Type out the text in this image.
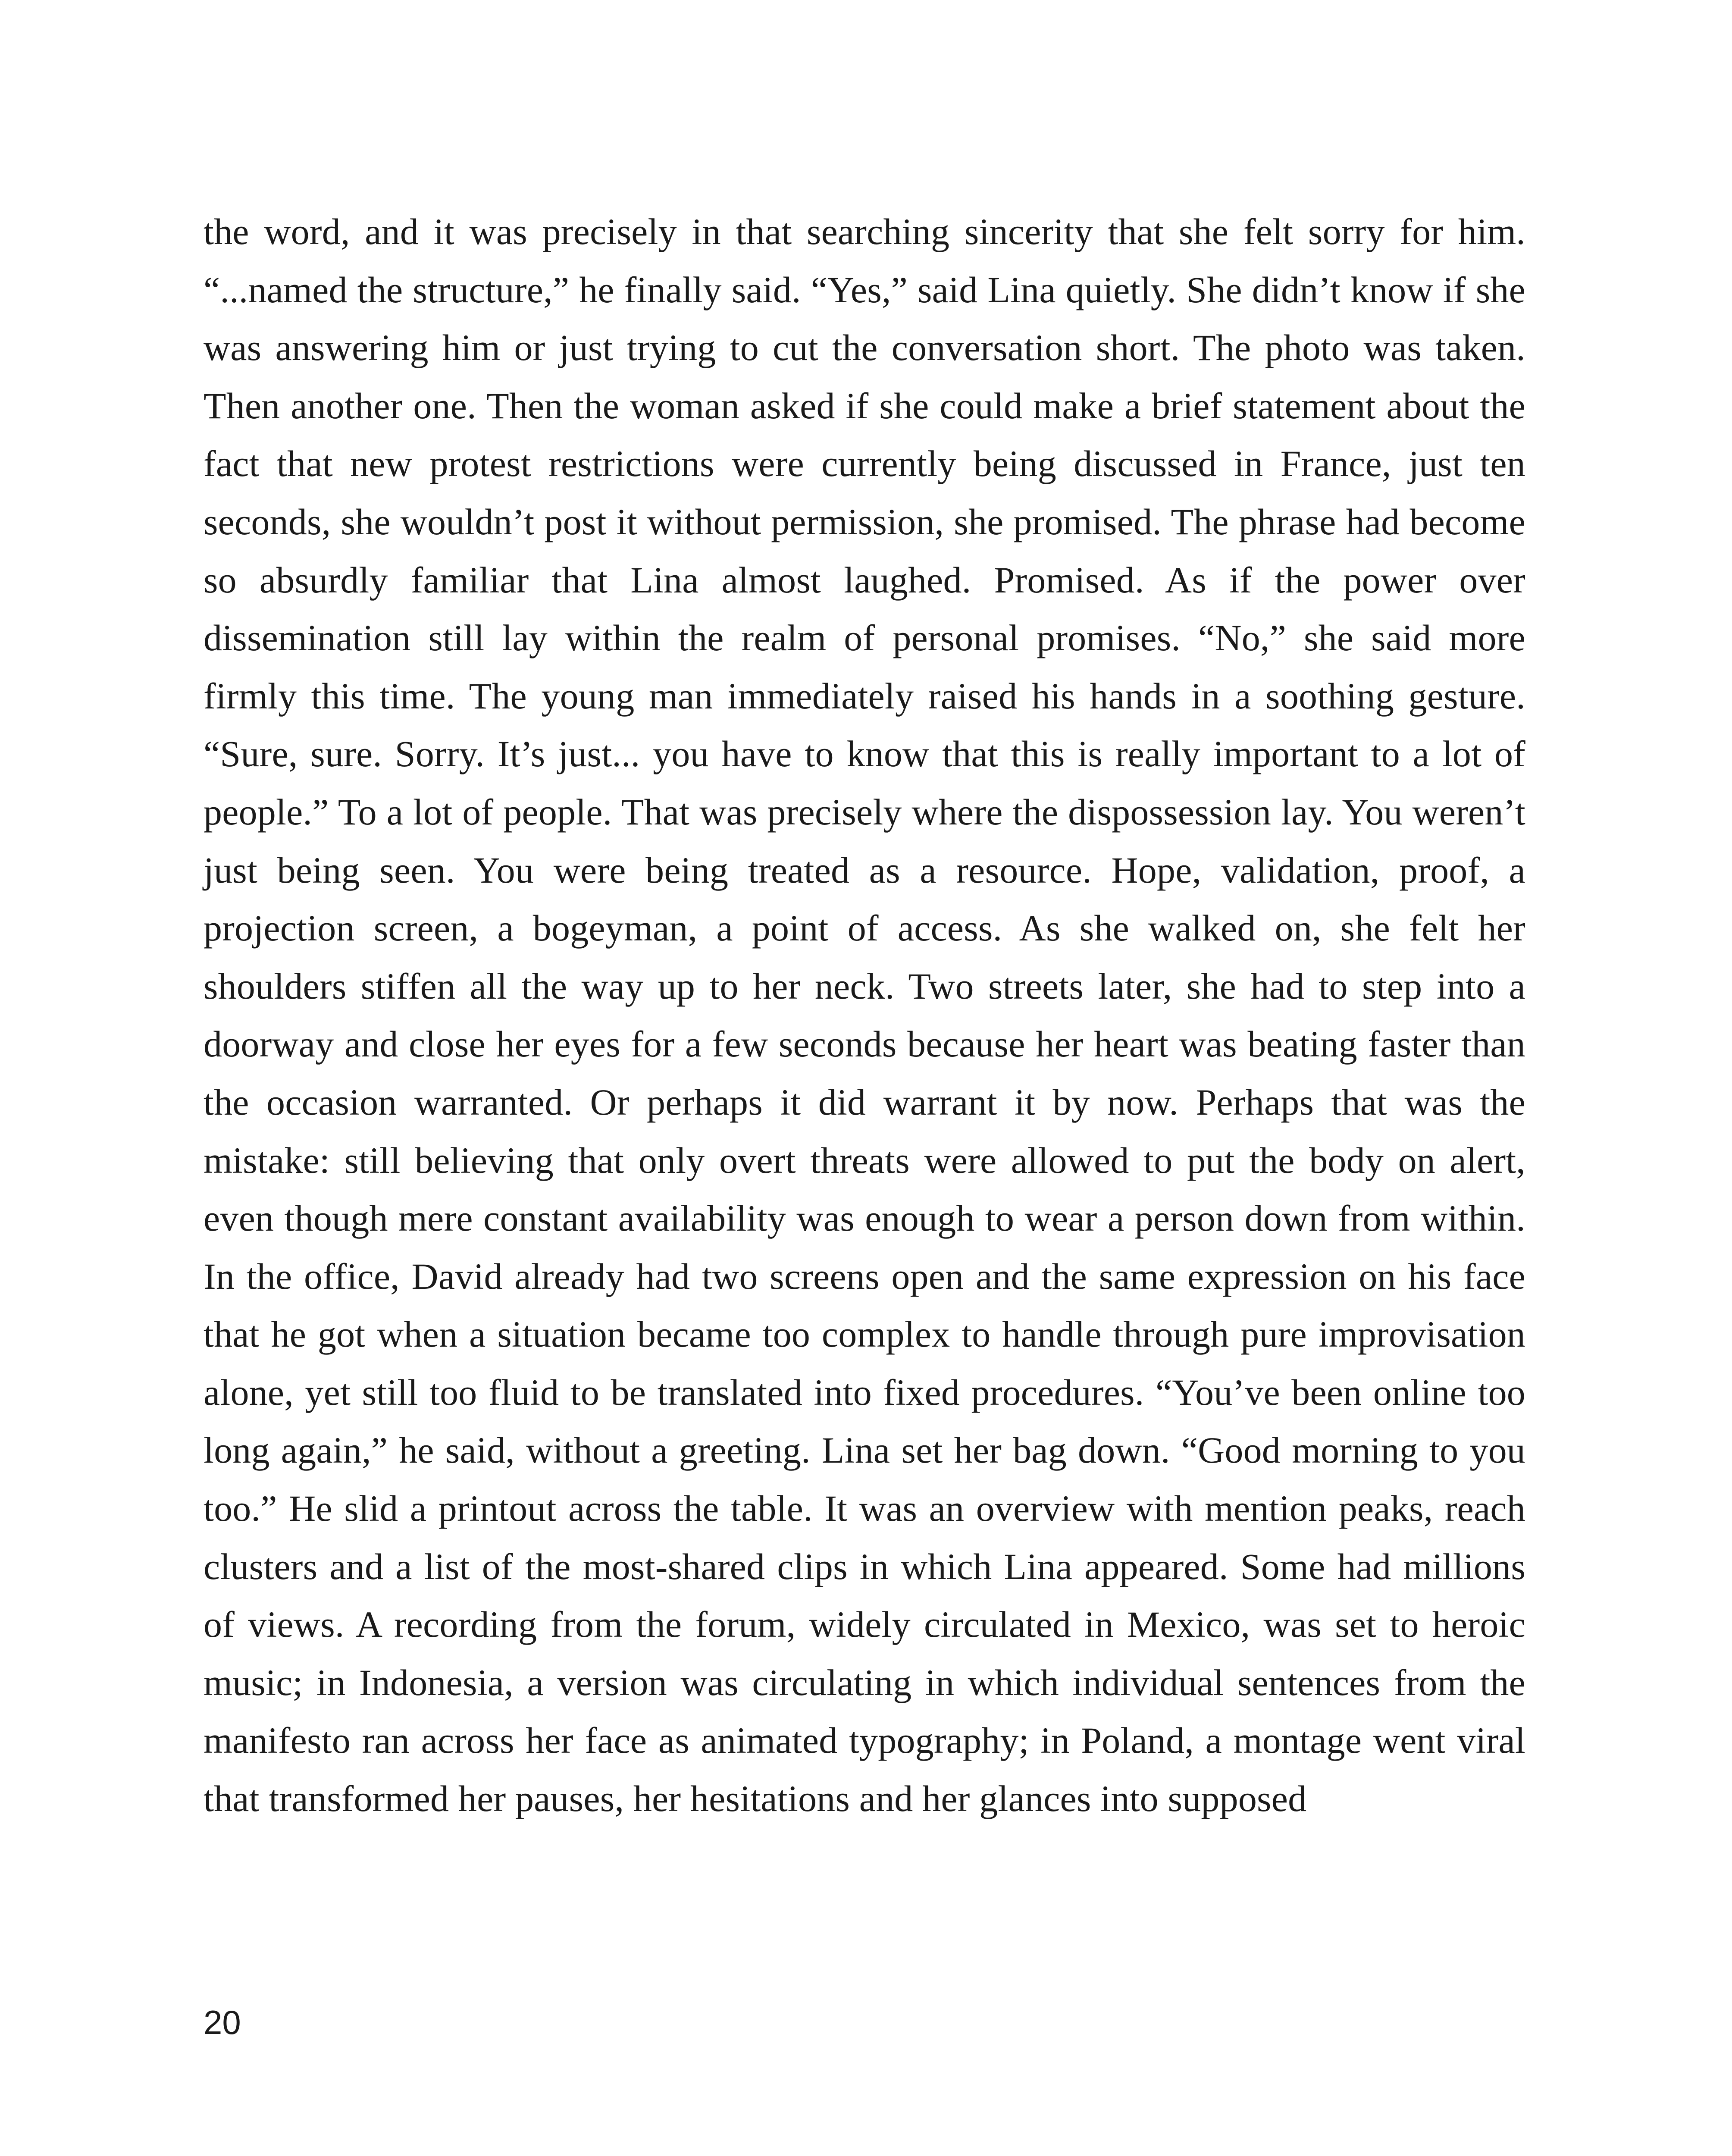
the word, and it was precisely in that searching sincerity that she felt sorry for him. “...named the structure,” he finally said. “Yes,” said Lina quietly. She didn’t know if she was answering him or just trying to cut the conversation short. The photo was taken. Then another one. Then the woman asked if she could make a brief statement about the fact that new protest restrictions were currently being discussed in France, just ten seconds, she wouldn’t post it without permission, she promised. The phrase had become so absurdly familiar that Lina almost laughed. Promised. As if the power over dissemination still lay within the realm of personal promises. “No,” she said more firmly this time. The young man immediately raised his hands in a soothing gesture. “Sure, sure. Sorry. It’s just... you have to know that this is really important to a lot of people.” To a lot of people. That was precisely where the dispossession lay. You weren’t just being seen. You were being treated as a resource. Hope, validation, proof, a projection screen, a bogeyman, a point of access. As she walked on, she felt her shoulders stiffen all the way up to her neck. Two streets later, she had to step into a doorway and close her eyes for a few seconds because her heart was beating faster than the occasion warranted. Or perhaps it did warrant it by now. Perhaps that was the mistake: still believing that only overt threats were allowed to put the body on alert, even though mere constant availability was enough to wear a person down from within. In the office, David already had two screens open and the same expression on his face that he got when a situation became too complex to handle through pure improvisation alone, yet still too fluid to be translated into fixed procedures. “You’ve been online too long again,” he said, without a greeting. Lina set her bag down. “Good morning to you too.” He slid a printout across the table. It was an overview with mention peaks, reach clusters and a list of the most-shared clips in which Lina appeared. Some had millions of views. A recording from the forum, widely circulated in Mexico, was set to heroic music; in Indonesia, a version was circulating in which individual sentences from the manifesto ran across her face as animated typography; in Poland, a montage went viral that transformed her pauses, her hesitations and her glances into supposed

20
